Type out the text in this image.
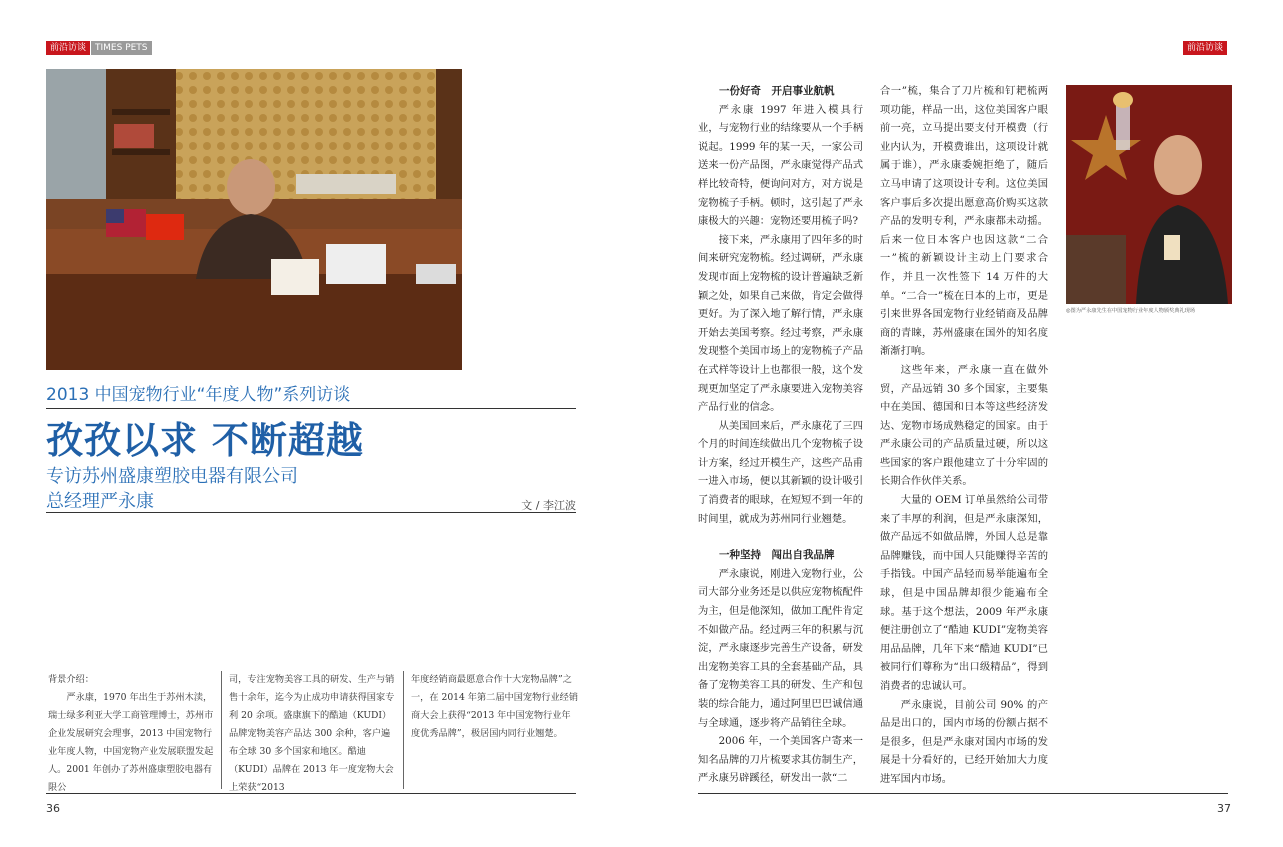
前沿访谈 TIMES PETS
2013 中国宠物行业“年度人物”系列访谈
孜孜以求 不断超越
专访苏州盛康塑胶电器有限公司
总经理严永康	文 / 李江波
背景介绍：
严永康，1970 年出生于苏州木渎，瑞士绿多利亚大学工商管理博士，苏州市企业发展研究会理事，2013 中国宠物行业年度人物，中国宠物产业发展联盟发起人。2001 年创办了苏州盛康塑胶电器有限公
司，专注宠物美容工具的研发、生产与销售十余年，迄今为止成功申请获得国家专利 20 余项。盛康旗下的酷迪（KUDI）品牌宠物美容产品达 300 余种，客户遍布全球 30 多个国家和地区。酷迪（KUDI）品牌在 2013 年一度宠物大会上荣获“2013
年度经销商最愿意合作十大宠物品牌”之一，在 2014 年第二届中国宠物行业经销商大会上获得“2013 年中国宠物行业年度优秀品牌”，极居国内同行业翘楚。
36
前沿访谈
一份好奇　开启事业航帆

严永康 1997 年进入模具行业，与宠物行业的结缘要从一个手柄说起。1999 年的某一天，一家公司送来一份产品图，严永康觉得产品式样比较奇特，便询问对方，对方说是宠物梳子手柄。顿时，这引起了严永康极大的兴趣：宠物还要用梳子吗?

接下来，严永康用了四年多的时间来研究宠物梳。经过调研，严永康发现市面上宠物梳的设计普遍缺乏新颖之处，如果自己来做，肯定会做得更好。为了深入地了解行情，严永康开始去美国考察。经过考察，严永康发现整个美国市场上的宠物梳子产品在式样等设计上也都很一般，这个发现更加坚定了严永康要进入宠物美容产品行业的信念。

从美国回来后，严永康花了三四个月的时间连续做出几个宠物梳子设计方案，经过开模生产，这些产品甫一进入市场，便以其新颖的设计吸引了消费者的眼球，在短短不到一年的时间里，就成为苏州同行业翘楚。

一种坚持　闯出自我品牌

严永康说，刚进入宠物行业，公司大部分业务还是以供应宠物梳配件为主，但是他深知，做加工配件肯定不如做产品。经过两三年的积累与沉淀，严永康逐步完善生产设备，研发出宠物美容工具的全套基础产品，具备了宠物美容工具的研发、生产和包装的综合能力，通过阿里巴巴诚信通与全球通，逐步将产品销往全球。

2006 年，一个美国客户寄来一知名品牌的刀片梳要求其仿制生产，严永康另辟蹊径，研发出一款“二

合一”梳，集合了刀片梳和钉耙梳两项功能，样品一出，这位美国客户眼前一亮，立马提出要支付开模费（行业内认为，开模费谁出，这项设计就属于谁），严永康委婉拒绝了，随后立马申请了这项设计专利。这位美国客户事后多次提出愿意高价购买这款产品的发明专利，严永康都未动摇。后来一位日本客户也因这款“二合一”梳的新颖设计主动上门要求合作，并且一次性签下 14 万件的大单。“二合一”梳在日本的上市，更是引来世界各国宠物行业经销商及品牌商的青睐，苏州盛康在国外的知名度渐渐打响。

这些年来，严永康一直在做外贸，产品远销 30 多个国家，主要集中在美国、德国和日本等这些经济发达、宠物市场成熟稳定的国家。由于严永康公司的产品质量过硬，所以这些国家的客户跟他建立了十分牢固的长期合作伙伴关系。

大量的 OEM 订单虽然给公司带来了丰厚的利润，但是严永康深知，做产品远不如做品牌，外国人总是靠品牌赚钱，而中国人只能赚得辛苦的手指钱。中国产品轻而易举能遍布全球，但是中国品牌却很少能遍布全球。基于这个想法，2009 年严永康便注册创立了“酷迪 KUDI”宠物美容用品品牌，几年下来“酷迪 KUDI”已被同行们尊称为“出口级精品”，得到消费者的忠诚认可。

严永康说，目前公司 90% 的产品是出口的，国内市场的份额占据不是很多，但是严永康对国内市场的发展是十分看好的，已经开始加大力度进军国内市场。

◎图为严永康先生在中国宠物行业年度人物颁奖典礼现场
37
